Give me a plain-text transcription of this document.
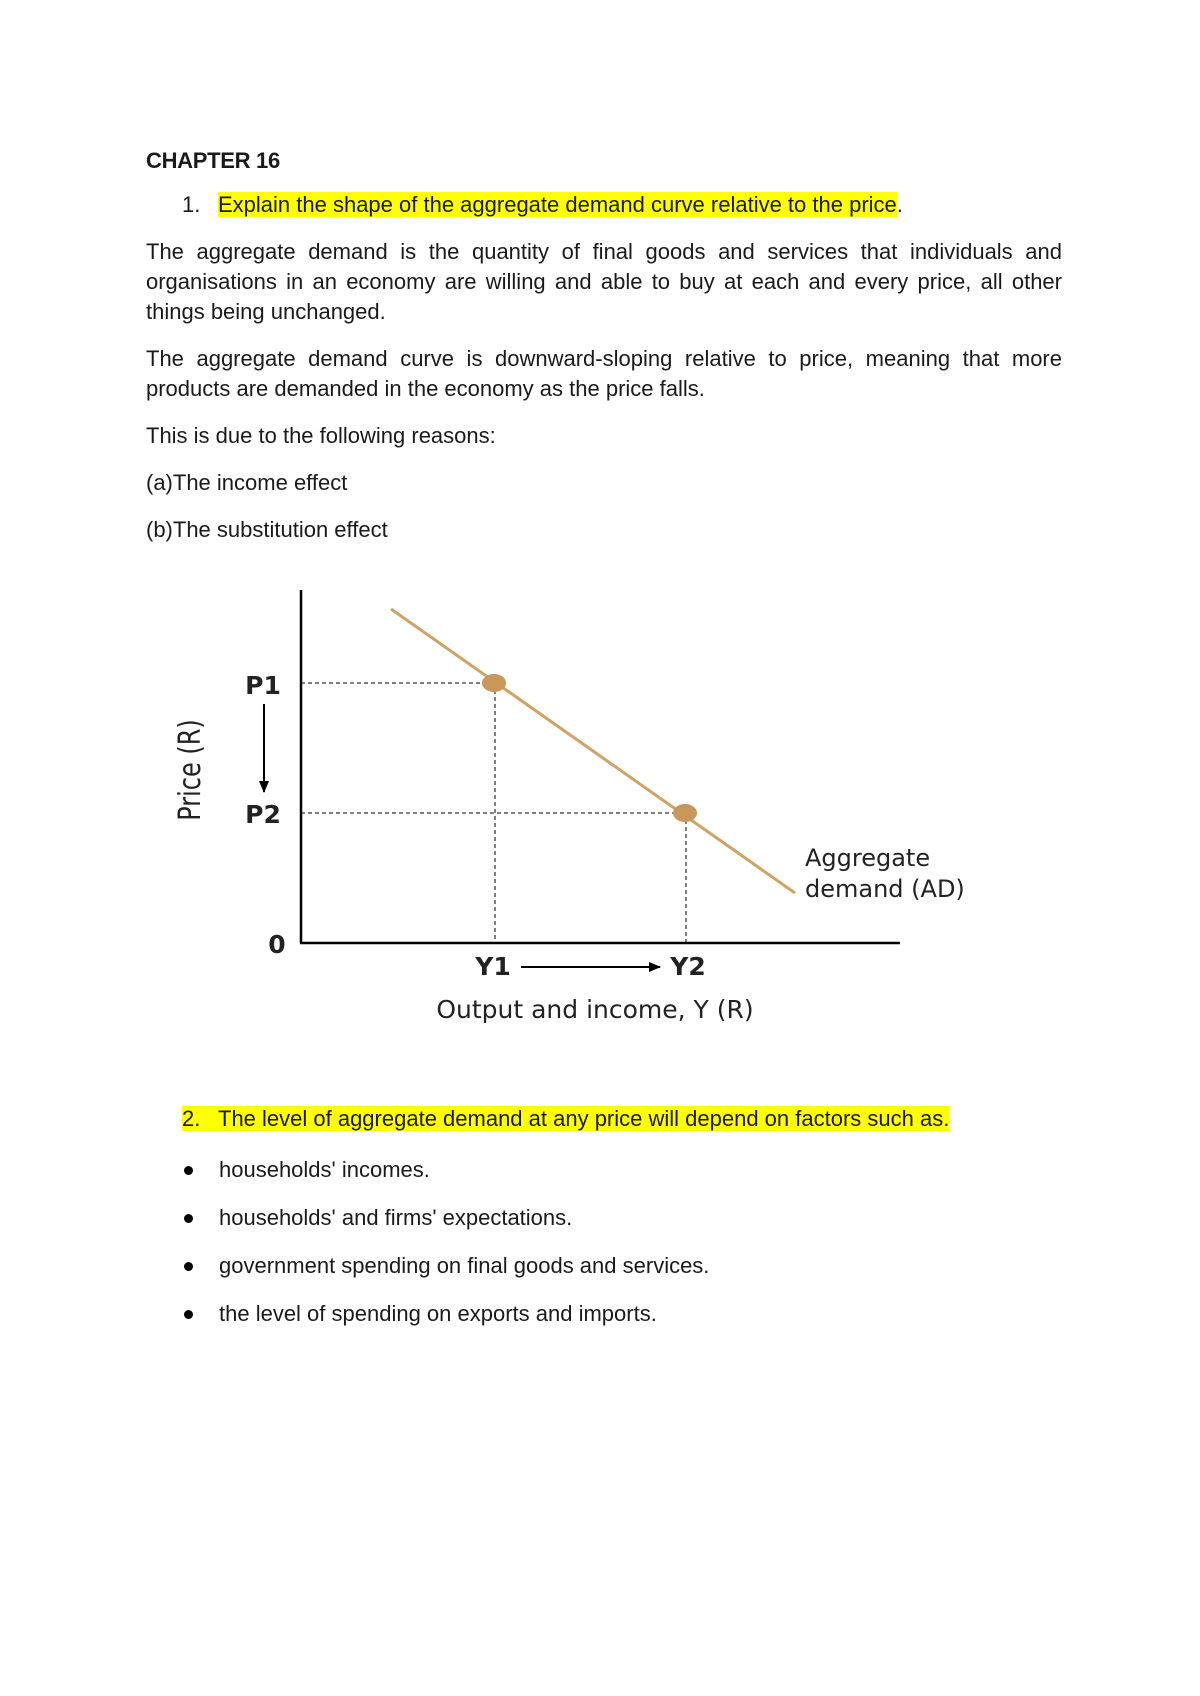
CHAPTER 16
1. Explain the shape of the aggregate demand curve relative to the price.

The aggregate demand is the quantity of final goods and services that individuals and organisations in an economy are willing and able to buy at each and every price, all other things being unchanged.

The aggregate demand curve is downward-sloping relative to price, meaning that more products are demanded in the economy as the price falls.

This is due to the following reasons:

(a)The income effect

(b)The substitution effect

Price (R)
P1
P2
0
Y1	Y2
Aggregate
demand (AD)
Output and income, Y (R)
2. The level of aggregate demand at any price will depend on factors such as.
households' incomes.
households' and firms' expectations.
government spending on final goods and services.
the level of spending on exports and imports.
